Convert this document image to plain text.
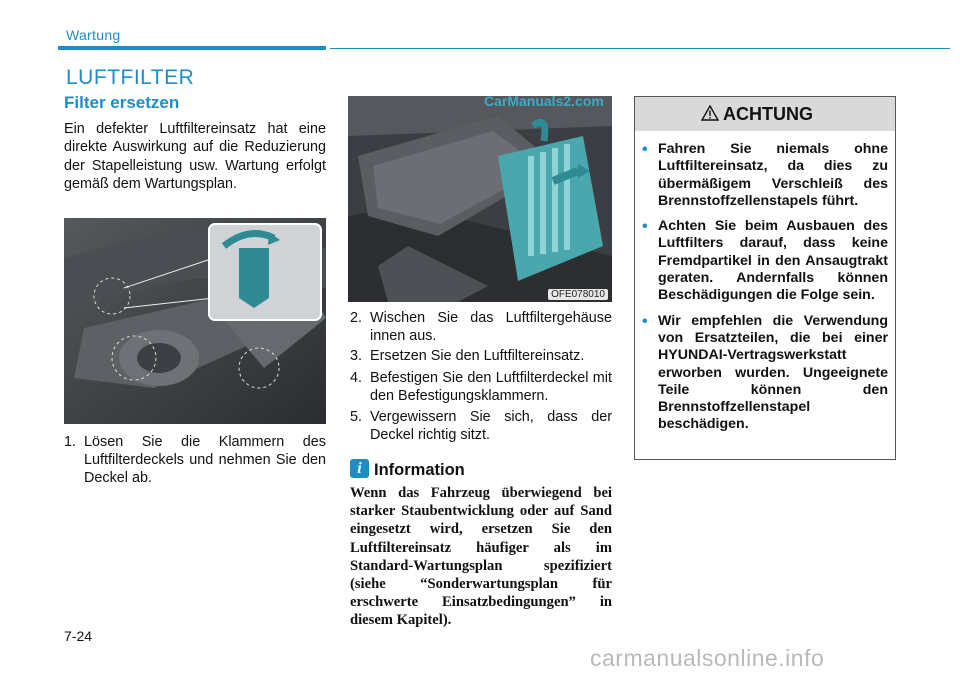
Wartung
LUFTFILTER
Filter ersetzen
Ein defekter Luftfiltereinsatz hat eine direkte Auswirkung auf die Reduzierung der Stapelleistung usw. Wartung erfolgt gemäß dem Wartungsplan.
1. Lösen Sie die Klammern des Luftfilterdeckels und nehmen Sie den Deckel ab.
OFE078010
CarManuals2.com
2. Wischen Sie das Luftfiltergehäuse innen aus.
3. Ersetzen Sie den Luftfiltereinsatz.
4. Befestigen Sie den Luftfilterdeckel mit den Befestigungsklammern.
5. Vergewissern Sie sich, dass der Deckel richtig sitzt.
i Information
Wenn das Fahrzeug überwiegend bei starker Staubentwicklung oder auf Sand eingesetzt wird, ersetzen Sie den Luftfiltereinsatz häufiger als im Standard-Wartungsplan spezifiziert (siehe “Sonderwartungsplan für erschwerte Einsatzbedingungen” in diesem Kapitel).
ACHTUNG
• Fahren Sie niemals ohne Luftfiltereinsatz, da dies zu übermäßigem Verschleiß des Brennstoffzellenstapels führt.
• Achten Sie beim Ausbauen des Luftfilters darauf, dass keine Fremdpartikel in den Ansaugtrakt geraten. Andernfalls können Beschädigungen die Folge sein.
• Wir empfehlen die Verwendung von Ersatzteilen, die bei einer HYUNDAI-Vertragswerkstatt erworben wurden. Ungeeignete Teile können den Brennstoffzellenstapel beschädigen.
7-24
carmanualsonline.info
